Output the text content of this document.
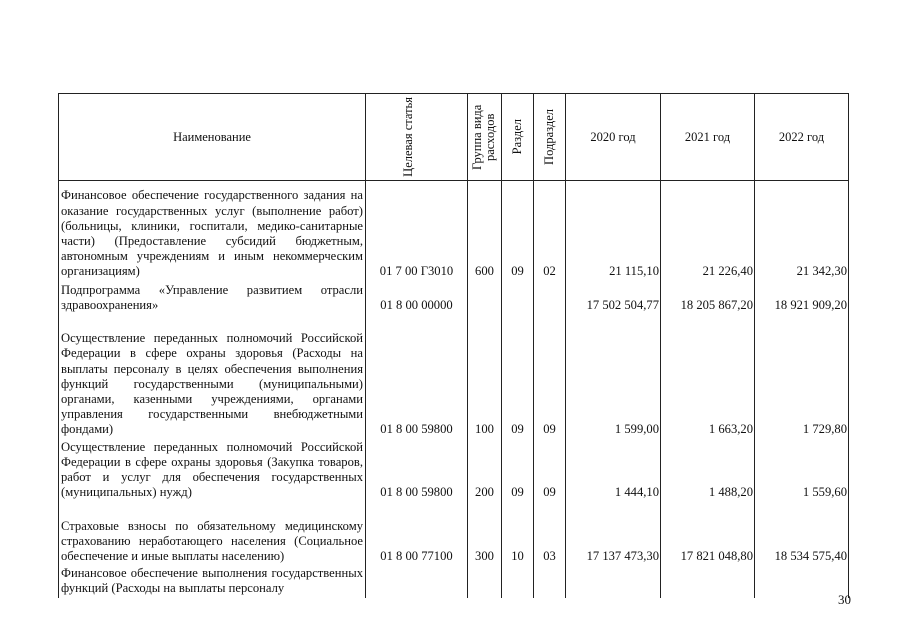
Наименование	Целевая статья	Группа вида расходов	Раздел	Подраздел	2020 год	2021 год	2022 год
Финансовое обеспечение государственного задания на оказание государственных услуг (выполнение работ) (больницы, клиники, госпитали, медико-санитарные части) (Предоставление субсидий бюджетным, автономным учреждениям и иным некоммерческим организациям)	01 7 00 Г3010	600	09	02	21 115,10	21 226,40	21 342,30
Подпрограмма «Управление развитием отрасли здравоохранения»	01 8 00 00000				17 502 504,77	18 205 867,20	18 921 909,20
Осуществление переданных полномочий Российской Федерации в сфере охраны здоровья (Расходы на выплаты персоналу в целях обеспечения выполнения функций государственными (муниципальными) органами, казенными учреждениями, органами управления государственными внебюджетными фондами)	01 8 00 59800	100	09	09	1 599,00	1 663,20	1 729,80
Осуществление переданных полномочий Российской Федерации в сфере охраны здоровья (Закупка товаров, работ и услуг для обеспечения государственных (муниципальных) нужд)	01 8 00 59800	200	09	09	1 444,10	1 488,20	1 559,60
Страховые взносы по обязательному медицинскому страхованию неработающего населения (Социальное обеспечение и иные выплаты населению)	01 8 00 77100	300	10	03	17 137 473,30	17 821 048,80	18 534 575,40
Финансовое обеспечение выполнения государственных функций (Расходы на выплаты персоналу							
30
